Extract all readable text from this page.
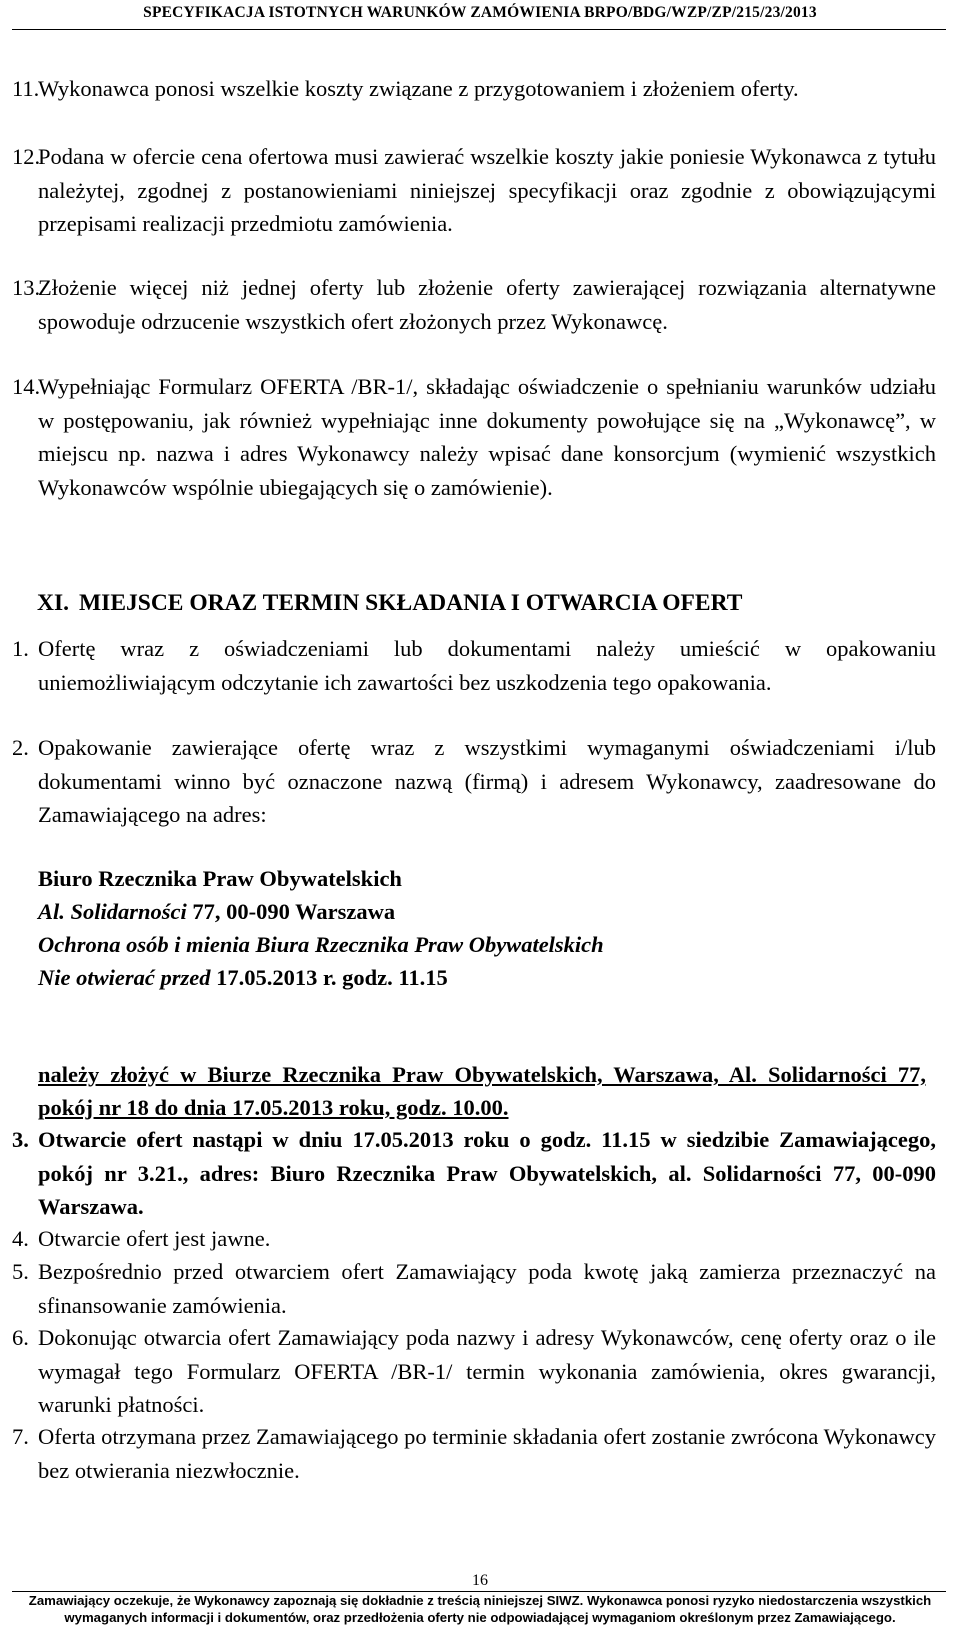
SPECYFIKACJA ISTOTNYCH WARUNKÓW ZAMÓWIENIA BRPO/BDG/WZP/ZP/215/23/2013
11.
Wykonawca ponosi wszelkie koszty związane z przygotowaniem i złożeniem oferty.
12.
Podana w ofercie cena ofertowa musi zawierać wszelkie koszty jakie poniesie Wykonawca z tytułu należytej, zgodnej z postanowieniami niniejszej specyfikacji oraz zgodnie z obowiązującymi przepisami realizacji przedmiotu zamówienia.
13.
Złożenie więcej niż jednej oferty lub złożenie oferty zawierającej rozwiązania alternatywne spowoduje odrzucenie wszystkich ofert złożonych przez Wykonawcę.
14.
Wypełniając Formularz OFERTA /BR-1/, składając oświadczenie o spełnianiu warunków udziału w postępowaniu, jak również wypełniając inne dokumenty powołujące się na „Wykonawcę”, w miejscu np. nazwa i adres Wykonawcy należy wpisać dane konsorcjum (wymienić wszystkich Wykonawców wspólnie ubiegających się o zamówienie).
XI. MIEJSCE ORAZ TERMIN SKŁADANIA I OTWARCIA OFERT
1. Ofertę wraz z oświadczeniami lub dokumentami należy umieścić w opakowaniu uniemożliwiającym odczytanie ich zawartości bez uszkodzenia tego opakowania.
2. Opakowanie zawierające ofertę wraz z wszystkimi wymaganymi oświadczeniami i/lub dokumentami winno być oznaczone nazwą (firmą) i adresem Wykonawcy, zaadresowane do Zamawiającego na adres:
Biuro Rzecznika Praw Obywatelskich
Al. Solidarności 77, 00-090 Warszawa
Ochrona osób i mienia Biura Rzecznika Praw Obywatelskich
Nie otwierać przed 17.05.2013 r. godz. 11.15
należy złożyć w Biurze Rzecznika Praw Obywatelskich, Warszawa, Al. Solidarności 77, pokój nr 18 do dnia 17.05.2013 roku, godz. 10.00.
3. Otwarcie ofert nastąpi w dniu 17.05.2013 roku o godz. 11.15 w siedzibie Zamawiającego, pokój nr 3.21., adres: Biuro Rzecznika Praw Obywatelskich, al. Solidarności 77, 00-090 Warszawa.
4. Otwarcie ofert jest jawne.
5. Bezpośrednio przed otwarciem ofert Zamawiający poda kwotę jaką zamierza przeznaczyć na sfinansowanie zamówienia.
6. Dokonując otwarcia ofert Zamawiający poda nazwy i adresy Wykonawców, cenę oferty oraz o ile wymagał tego Formularz OFERTA /BR-1/ termin wykonania zamówienia, okres gwarancji, warunki płatności.
7. Oferta otrzymana przez Zamawiającego po terminie składania ofert zostanie zwrócona Wykonawcy bez otwierania niezwłocznie.
16
Zamawiający oczekuje, że Wykonawcy zapoznają się dokładnie z treścią niniejszej SIWZ. Wykonawca ponosi ryzyko niedostarczenia wszystkich
wymaganych informacji i dokumentów, oraz przedłożenia oferty nie odpowiadającej wymaganiom określonym przez Zamawiającego.
